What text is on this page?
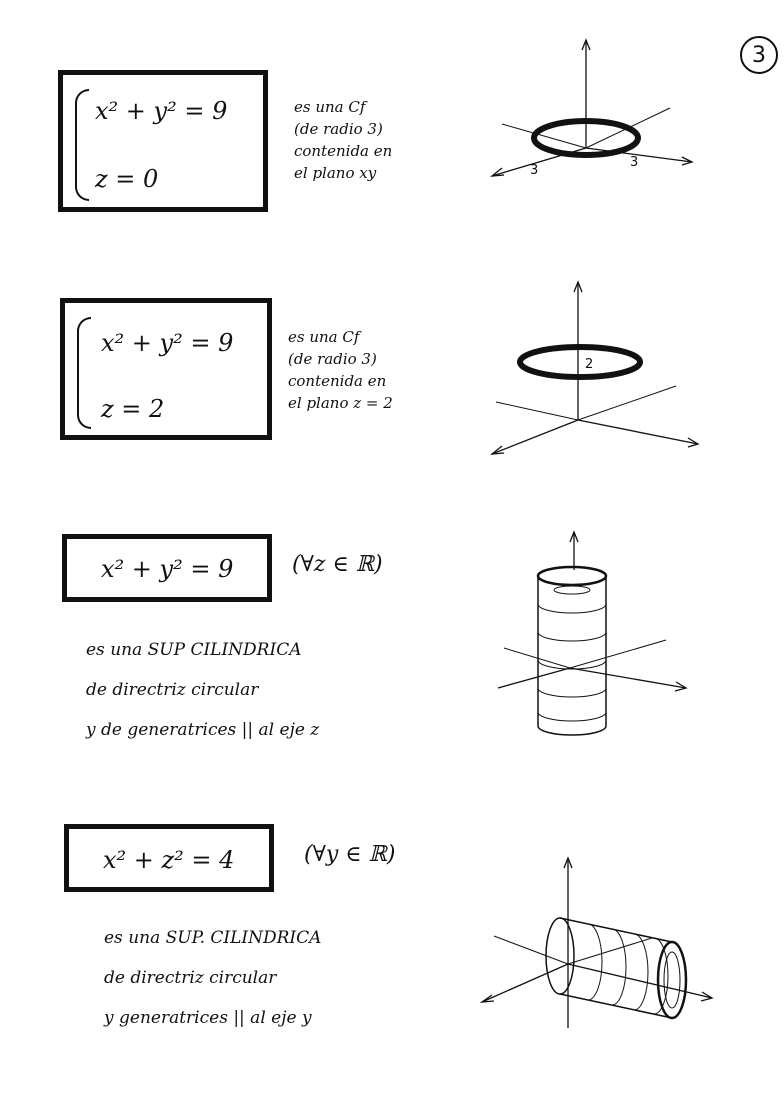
3
x² + y² = 9
z = 0
es una Cf
(de radio 3)
contenida en
el plano xy	3
3
x² + y² = 9
z = 2
es una Cf
(de radio 3)
contenida en
el plano z = 2
2
x² + y² = 9	(∀z ∈ ℝ)
es una SUP CILINDRICA
de directriz circular
y de generatrices || al eje z
x² + z² = 4	(∀y ∈ ℝ)
es una SUP. CILINDRICA
de directriz circular
y generatrices || al eje y
